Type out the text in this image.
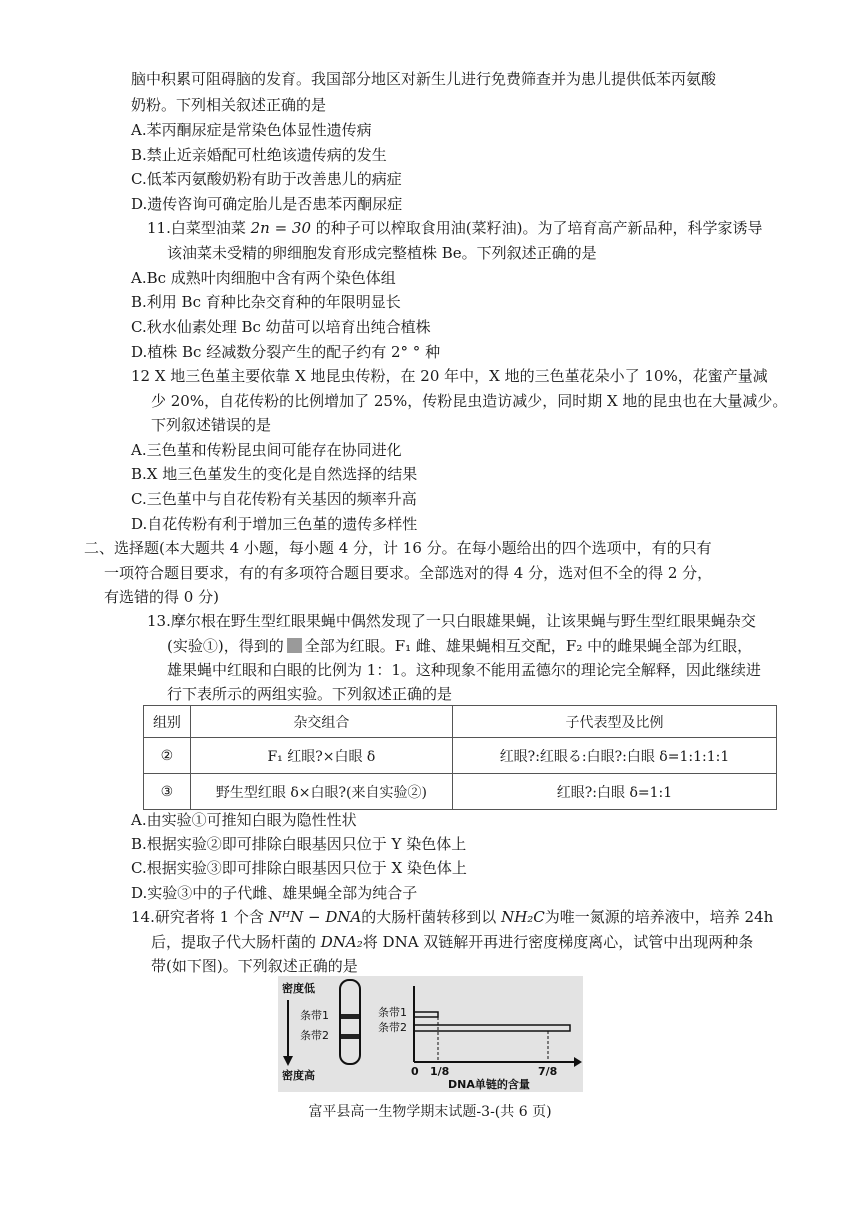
脑中积累可阻碍脑的发育。我国部分地区对新生儿进行免费筛查并为患儿提供低苯丙氨酸
奶粉。下列相关叙述正确的是
A.苯丙酮尿症是常染色体显性遗传病
B.禁止近亲婚配可杜绝该遗传病的发生
C.低苯丙氨酸奶粉有助于改善患儿的病症
D.遗传咨询可确定胎儿是否患苯丙酮尿症
11.白菜型油菜 2n = 30 的种子可以榨取食用油(菜籽油)。为了培育高产新品种，科学家诱导
该油菜未受精的卵细胞发育形成完整植株 Be。下列叙述正确的是
A.Bc 成熟叶肉细胞中含有两个染色体组
B.利用 Bc 育种比杂交育种的年限明显长
C.秋水仙素处理 Bc 幼苗可以培育出纯合植株
D.植株 Bc 经减数分裂产生的配子约有 2° ° 种
12 X 地三色堇主要依靠 X 地昆虫传粉，在 20 年中，X 地的三色堇花朵小了 10%，花蜜产量减
少 20%，自花传粉的比例增加了 25%，传粉昆虫造访减少，同时期 X 地的昆虫也在大量减少。
下列叙述错误的是
A.三色堇和传粉昆虫间可能存在协同进化
B.X 地三色堇发生的变化是自然选择的结果
C.三色堇中与自花传粉有关基因的频率升高
D.自花传粉有利于增加三色堇的遗传多样性
二、选择题(本大题共 4 小题，每小题 4 分，计 16 分。在每小题给出的四个选项中，有的只有
一项符合题目要求，有的有多项符合题目要求。全部选对的得 4 分，选对但不全的得 2 分，
有选错的得 0 分)
13.摩尔根在野生型红眼果蝇中偶然发现了一只白眼雄果蝇，让该果蝇与野生型红眼果蝇杂交
(实验①)，得到的 全部为红眼。F₁ 雌、雄果蝇相互交配，F₂ 中的雌果蝇全部为红眼，
雄果蝇中红眼和白眼的比例为 1：1。这种现象不能用孟德尔的理论完全解释，因此继续进
行下表所示的两组实验。下列叙述正确的是
组别	杂交组合	子代表型及比例
②	F₁ 红眼?×白眼 δ	红眼?:红眼る:白眼?:白眼 δ=1:1:1:1
③	野生型红眼 δ×白眼?(来自实验②)	红眼?:白眼 δ=1:1
A.由实验①可推知白眼为隐性性状
B.根据实验②即可排除白眼基因只位于 Y 染色体上
C.根据实验③即可排除白眼基因只位于 X 染色体上
D.实验③中的子代雌、雄果蝇全部为纯合子
14.研究者将 1 个含 NᴴN − DNA的大肠杆菌转移到以 NH₂C为唯一氮源的培养液中，培养 24h
后，提取子代大肠杆菌的 DNA₂将 DNA 双链解开再进行密度梯度离心，试管中出现两种条
带(如下图)。下列叙述正确的是
密度低
条带1
条带2
密度高
条带1
条带2
0 1/8	7/8
DNA单链的含量
富平县高一生物学期末试题-3-(共 6 页)
